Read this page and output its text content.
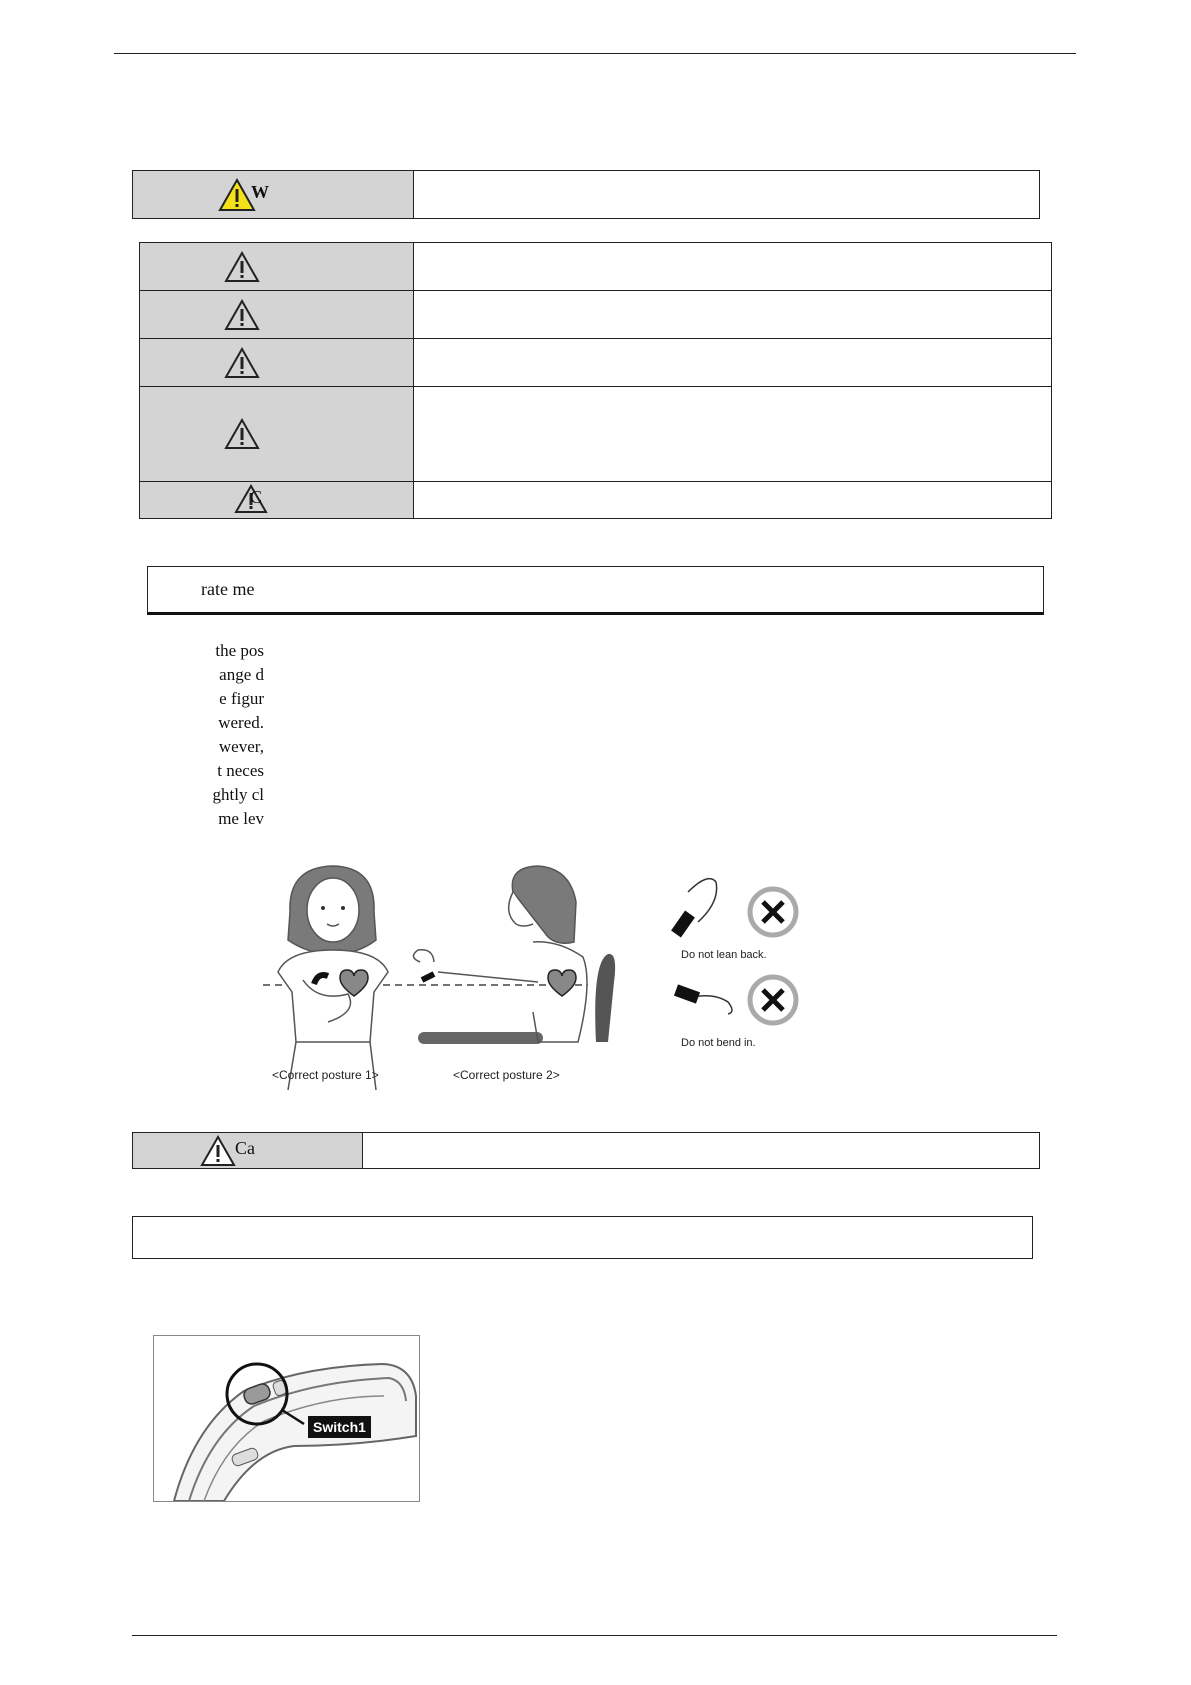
W
C
rate me
the pos
ange d
e figur
wered.
wever,
t neces
ghtly cl
me lev
<Correct posture 1>	<Correct posture 2>
Do not lean back.
Do not bend in.
Ca
Switch1
